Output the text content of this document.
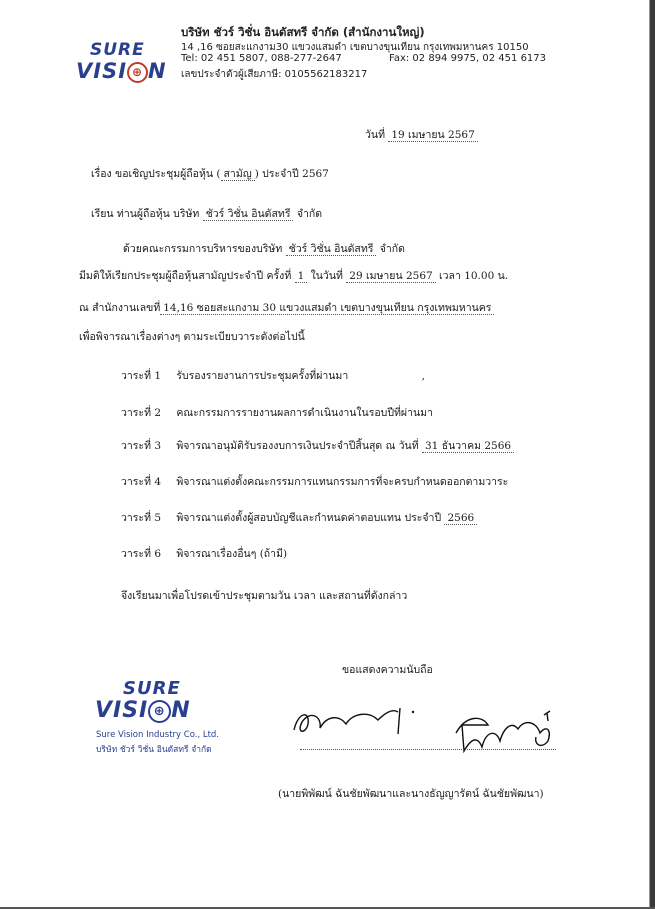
SURE
VISI ⊕ N
บริษัท ชัวร์ วิชั่น อินดัสทรี จำกัด (สำนักงานใหญ่)
14 ,16 ซอยสะแกงาม30 แขวงแสมดำ เขตบางขุนเทียน กรุงเทพมหานคร 10150
Tel: 02 451 5807, 088-277-2647	Fax: 02 894 9975, 02 451 6173
เลขประจำตัวผู้เสียภาษี: 0105562183217
วันที่ 19 เมษายน 2567
เรื่อง ขอเชิญประชุมผู้ถือหุ้น ( สามัญ ) ประจำปี 2567
เรียน ท่านผู้ถือหุ้น บริษัท ชัวร์ วิชั่น อินดัสทรี จำกัด
ด้วยคณะกรรมการบริหารของบริษัท ชัวร์ วิชั่น อินดัสทรี จำกัด
มีมติให้เรียกประชุมผู้ถือหุ้นสามัญประจำปี ครั้งที่ 1 ในวันที่ 29 เมษายน 2567 เวลา 10.00 น.
ณ สำนักงานเลขที่ 14,16 ซอยสะแกงาม 30 แขวงแสมดำ เขตบางขุนเทียน กรุงเทพมหานคร
เพื่อพิจารณาเรื่องต่างๆ ตามระเบียบวาระดังต่อไปนี้
วาระที่ 1 รับรองรายงานการประชุมครั้งที่ผ่านมา	,
วาระที่ 2 คณะกรรมการรายงานผลการดำเนินงานในรอบปีที่ผ่านมา
วาระที่ 3 พิจารณาอนุมัติรับรองงบการเงินประจำปีสิ้นสุด ณ วันที่ 31 ธันวาคม 2566
วาระที่ 4 พิจารณาแต่งตั้งคณะกรรมการแทนกรรมการที่จะครบกำหนดออกตามวาระ
วาระที่ 5 พิจารณาแต่งตั้งผู้สอบบัญชีและกำหนดค่าตอบแทน ประจำปี 2566
วาระที่ 6 พิจารณาเรื่องอื่นๆ (ถ้ามี)
จึงเรียนมาเพื่อโปรดเข้าประชุมตามวัน เวลา และสถานที่ดังกล่าว
ขอแสดงความนับถือ
SURE
VISI ⊕ N
Sure Vision Industry Co., Ltd.
บริษัท ชัวร์ วิชั่น อินดัสทรี จำกัด
(นายพิพัฒน์ ฉันชัยพัฒนาและนางธัญญารัตน์ ฉันชัยพัฒนา)
